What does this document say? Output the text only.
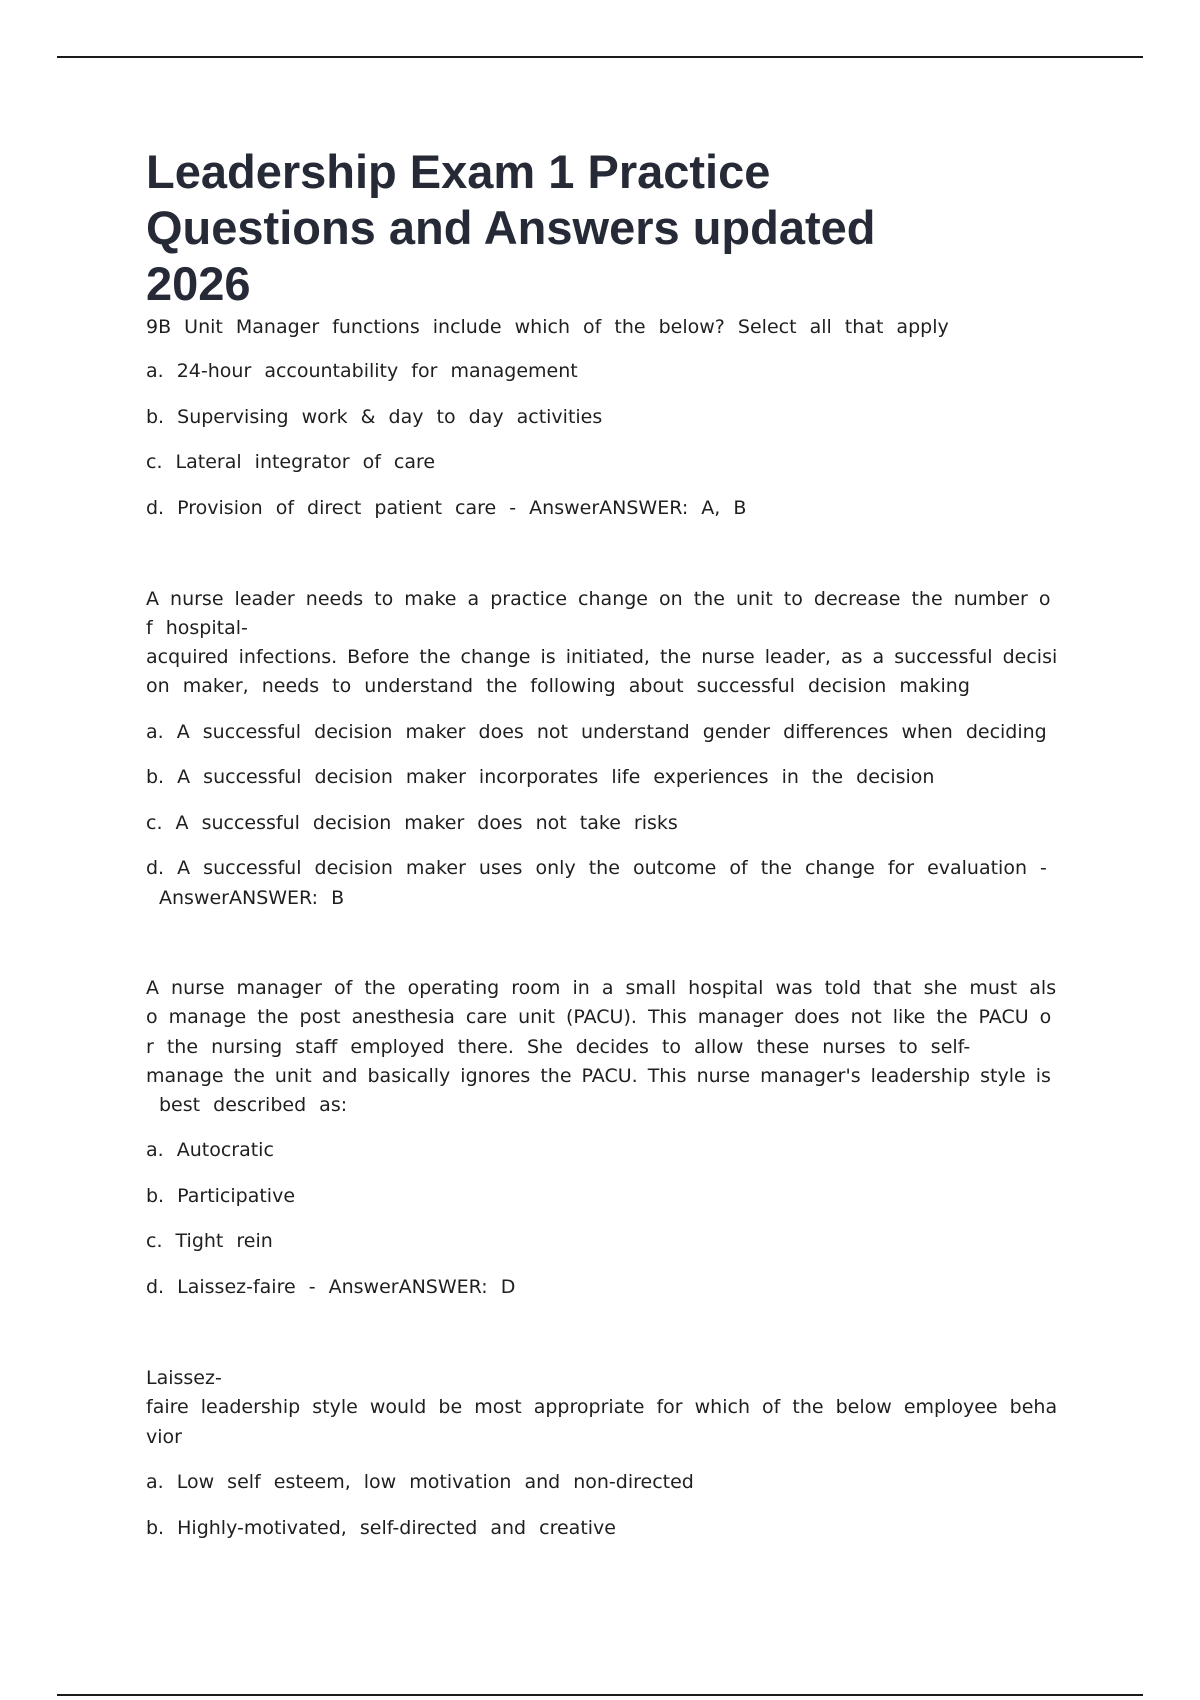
Leadership Exam 1 Practice
Questions and Answers updated
2026

9B Unit Manager functions include which of the below? Select all that apply

a. 24-hour accountability for management

b. Supervising work & day to day activities

c. Lateral integrator of care

d. Provision of direct patient care - AnswerANSWER: A, B

A nurse leader needs to make a practice change on the unit to decrease the number o

f hospital-

acquired infections. Before the change is initiated, the nurse leader, as a successful decisi

on maker, needs to understand the following about successful decision making

a. A successful decision maker does not understand gender differences when deciding

b. A successful decision maker incorporates life experiences in the decision

c. A successful decision maker does not take risks

d. A successful decision maker uses only the outcome of the change for evaluation -

AnswerANSWER: B

A nurse manager of the operating room in a small hospital was told that she must als

o manage the post anesthesia care unit (PACU). This manager does not like the PACU o

r the nursing staff employed there. She decides to allow these nurses to self-

manage the unit and basically ignores the PACU. This nurse manager's leadership style is

best described as:

a. Autocratic

b. Participative

c. Tight rein

d. Laissez-faire - AnswerANSWER: D

Laissez-

faire leadership style would be most appropriate for which of the below employee beha

vior

a. Low self esteem, low motivation and non-directed

b. Highly-motivated, self-directed and creative
